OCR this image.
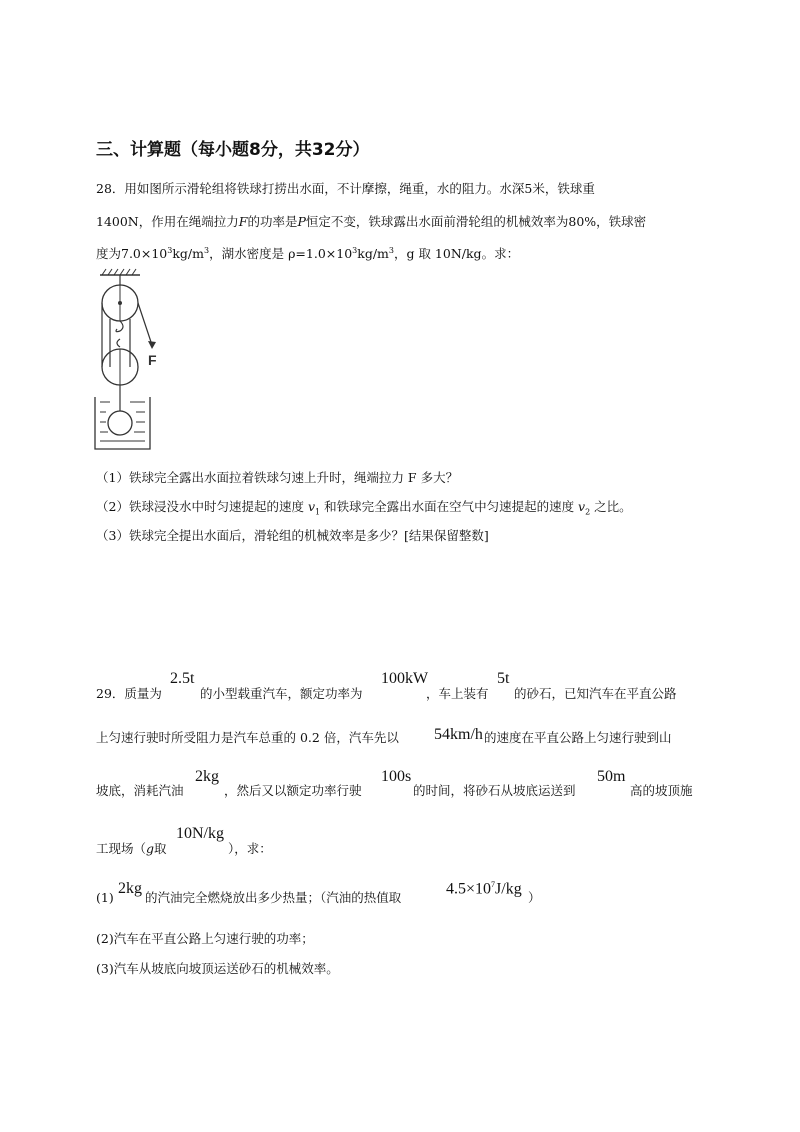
三、计算题（每小题8分，共32分）
28．用如图所示滑轮组将铁球打捞出水面，不计摩擦，绳重，水的阻力。水深5米，铁球重
1400N，作用在绳端拉力F的功率是P恒定不变，铁球露出水面前滑轮组的机械效率为80%，铁球密
度为$7.0\times 10^3kg/m^3$，湖水密度是 $\rho=1.0\times 10^3kg/m^3$，g 取 10N/kg。求：
F
（1）铁球完全露出水面拉着铁球匀速上升时，绳端拉力 F 多大？
（2）铁球浸没水中时匀速提起的速度 $v_1$ 和铁球完全露出水面在空气中匀速提起的速度 $v_2$ 之比。
（3）铁球完全提出水面后，滑轮组的机械效率是多少？[结果保留整数]
29．质量为
2.5t
的小型载重汽车，额定功率为
100kW
，车上装有
5t
的砂石，已知汽车在平直公路
上匀速行驶时所受阻力是汽车总重的 0.2 倍，汽车先以 54km/h 的速度在平直公路上匀速行驶到山
坡底，消耗汽油
2kg
，然后又以额定功率行驶
100s
的时间，将砂石从坡底运送到
50m
高的坡顶施
工现场（g取
10N/kg
），求：
(1)
2kg
的汽油完全燃烧放出多少热量；（汽油的热值取
$4.5\times 10^7J/kg$
）
(2)汽车在平直公路上匀速行驶的功率；
(3)汽车从坡底向坡顶运送砂石的机械效率。
